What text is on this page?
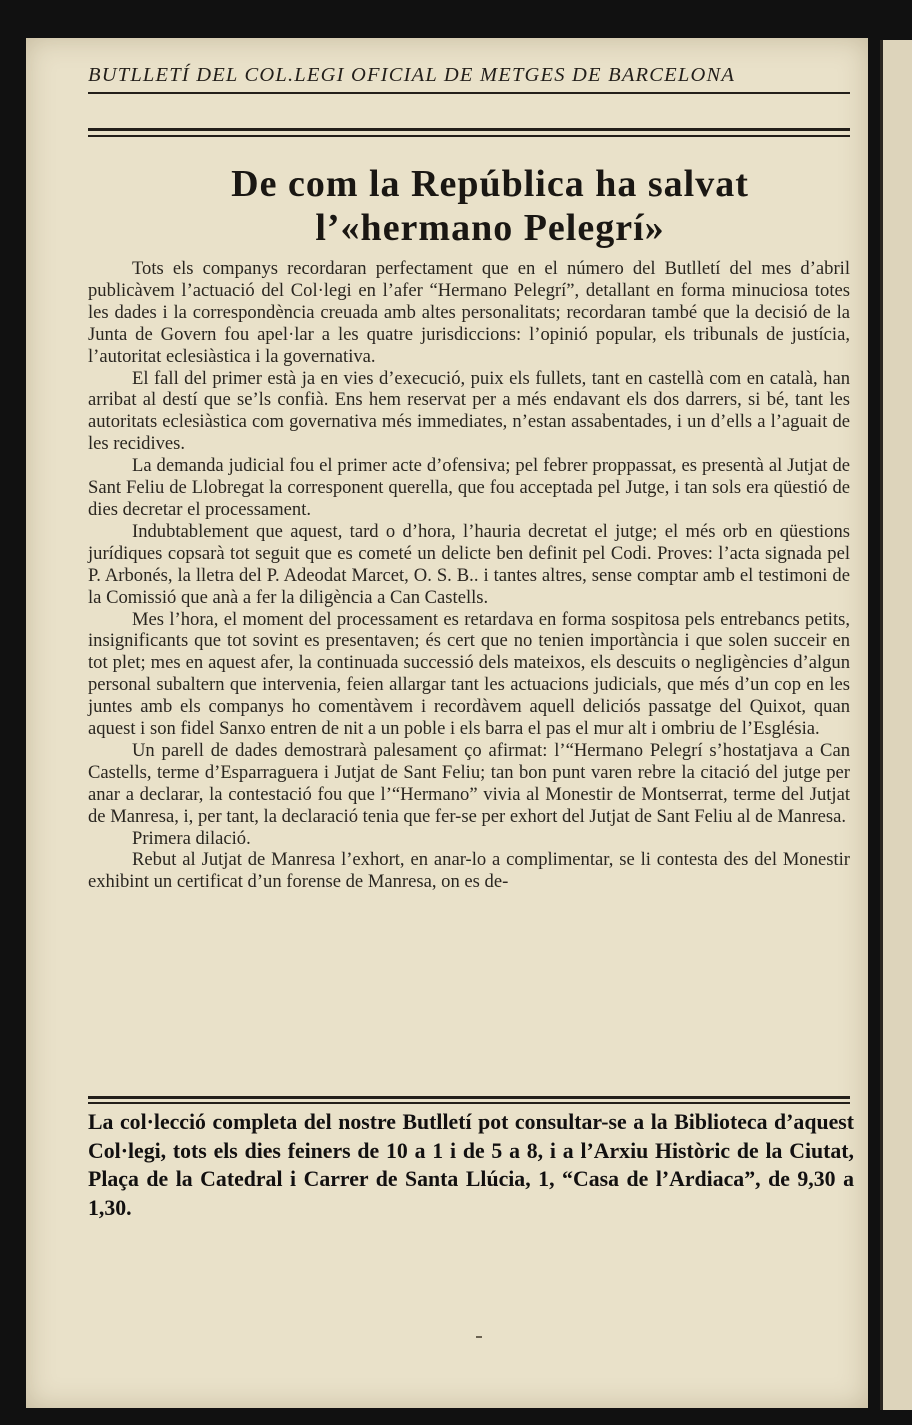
BUTLLETÍ DEL COL.LEGI OFICIAL DE METGES DE BARCELONA
De com la República ha salvat
l’«hermano Pelegrí»

Tots els companys recordaran perfectament que en el número del Butlletí del mes d’abril publicàvem l’actuació del Col·legi en l’afer “Hermano Pelegrí”, detallant en forma minuciosa totes les dades i la correspondència creuada amb altes personalitats; recordaran també que la decisió de la Junta de Govern fou apel·lar a les quatre jurisdiccions: l’opinió popular, els tribunals de justícia, l’autoritat eclesiàstica i la governativa.

El fall del primer està ja en vies d’execució, puix els fullets, tant en castellà com en català, han arribat al destí que se’ls confià. Ens hem reservat per a més endavant els dos darrers, si bé, tant les autoritats eclesiàstica com governativa més immediates, n’estan assabentades, i un d’ells a l’aguait de les recidives.

La demanda judicial fou el primer acte d’ofensiva; pel febrer proppassat, es presentà al Jutjat de Sant Feliu de Llobregat la corresponent querella, que fou acceptada pel Jutge, i tan sols era qüestió de dies decretar el processament.

Indubtablement que aquest, tard o d’hora, l’hauria decretat el jutge; el més orb en qüestions jurídiques copsarà tot seguit que es cometé un delicte ben definit pel Codi. Proves: l’acta signada pel P. Arbonés, la lletra del P. Adeodat Marcet, O. S. B.. i tantes altres, sense comptar amb el testimoni de la Comissió que anà a fer la diligència a Can Castells.

Mes l’hora, el moment del processament es retardava en forma sospitosa pels entrebancs petits, insignificants que tot sovint es presentaven; és cert que no tenien importància i que solen succeir en tot plet; mes en aquest afer, la continuada successió dels mateixos, els descuits o negligències d’algun personal subaltern que intervenia, feien allargar tant les actuacions judicials, que més d’un cop en les juntes amb els companys ho comentàvem i recordàvem aquell deliciós passatge del Quixot, quan aquest i son fidel Sanxo entren de nit a un poble i els barra el pas el mur alt i ombriu de l’Església.

Un parell de dades demostrarà palesament ço afirmat: l’“Hermano Pelegrí s’hostatjava a Can Castells, terme d’Esparraguera i Jutjat de Sant Feliu; tan bon punt varen rebre la citació del jutge per anar a declarar, la contestació fou que l’“Hermano” vivia al Monestir de Montserrat, terme del Jutjat de Manresa, i, per tant, la declaració tenia que fer-se per exhort del Jutjat de Sant Feliu al de Manresa.

Primera dilació.

Rebut al Jutjat de Manresa l’exhort, en anar-lo a complimentar, se li contesta des del Monestir exhibint un certificat d’un forense de Manresa, on es de-

La col·lecció completa del nostre Butlletí pot consultar-se a la Biblioteca d’aquest Col·legi, tots els dies feiners de 10 a 1 i de 5 a 8, i a l’Arxiu Històric de la Ciutat, Plaça de la Catedral i Carrer de Santa Llúcia, 1, “Casa de l’Ardiaca”, de 9,30 a 1,30.
